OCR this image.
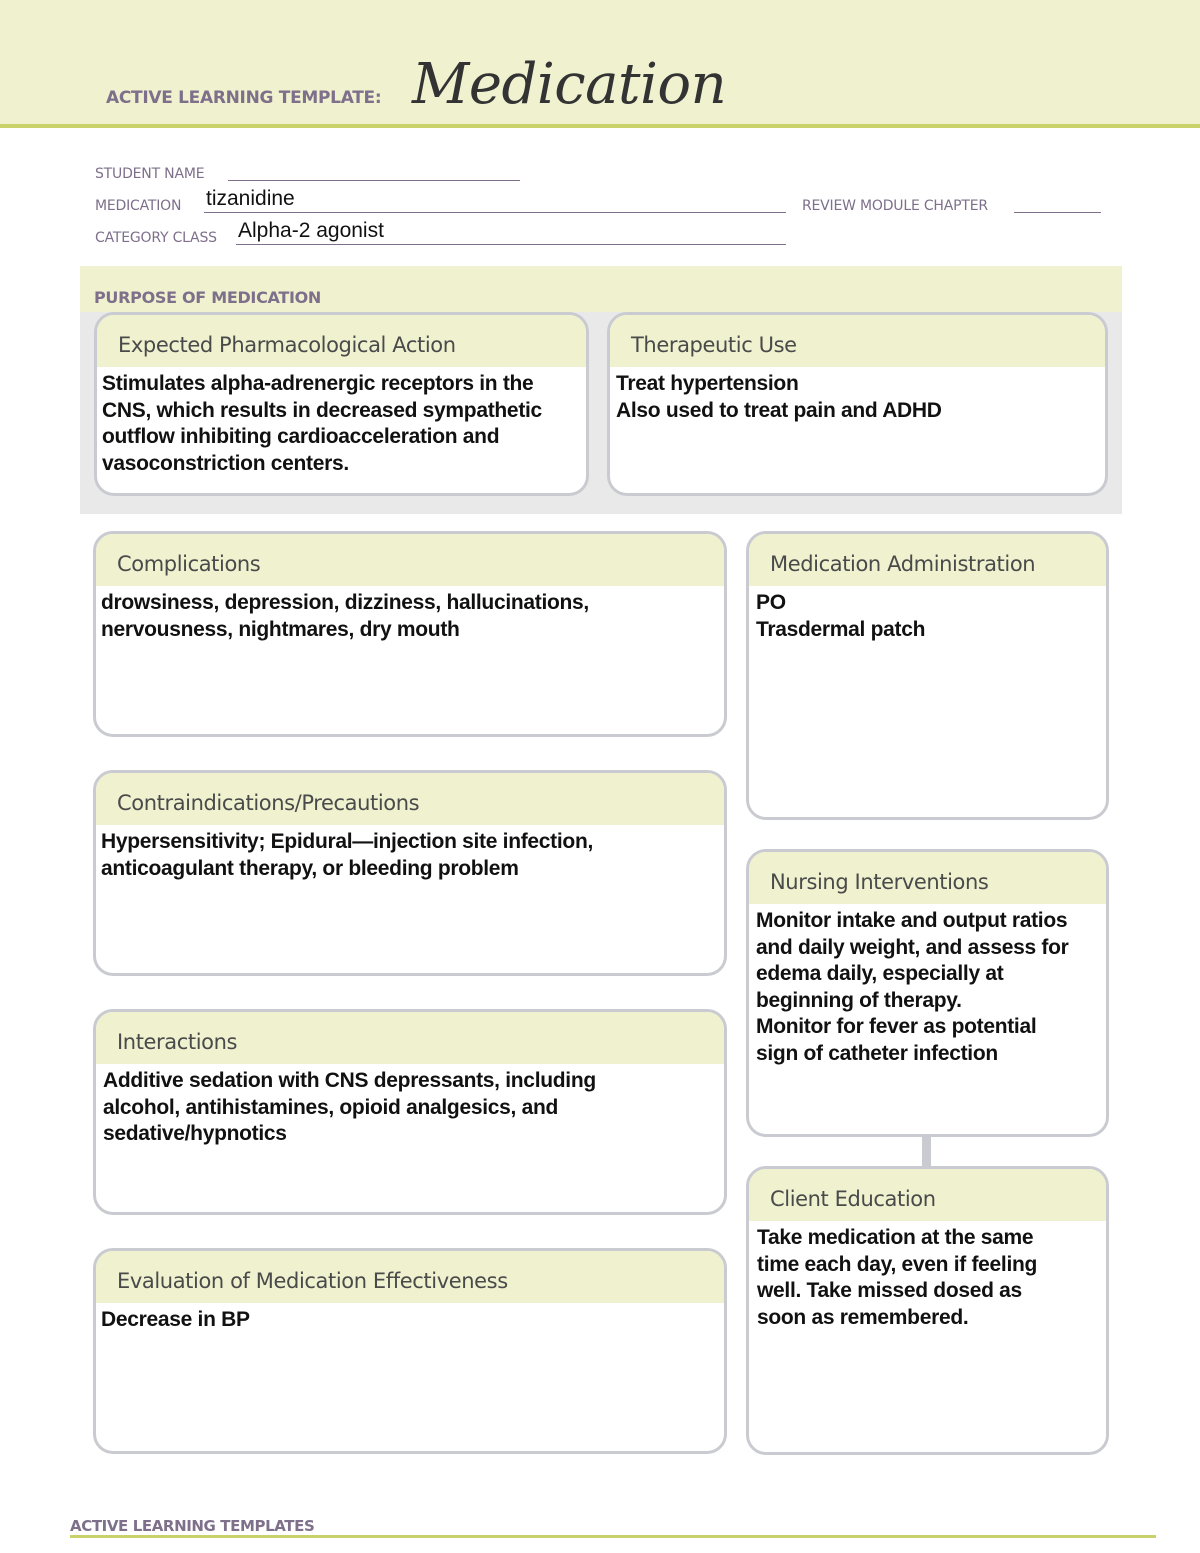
ACTIVE LEARNING TEMPLATE: Medication
STUDENT NAME
MEDICATION tizanidine	REVIEW MODULE CHAPTER
CATEGORY CLASS Alpha-2 agonist
PURPOSE OF MEDICATION
Expected Pharmacological Action
Stimulates alpha-adrenergic receptors in the
CNS, which results in decreased sympathetic
outflow inhibiting cardioacceleration and
vasoconstriction centers.
Therapeutic Use
Treat hypertension
Also used to treat pain and ADHD
Complications
drowsiness, depression, dizziness, hallucinations,
nervousness, nightmares, dry mouth
Contraindications/Precautions
Hypersensitivity; Epidural—injection site infection,
anticoagulant therapy, or bleeding problem
Interactions
Additive sedation with CNS depressants, including
alcohol, antihistamines, opioid analgesics, and
sedative/hypnotics
Evaluation of Medication Effectiveness
Decrease in BP
Medication Administration
PO
Trasdermal patch
Nursing Interventions
Monitor intake and output ratios
and daily weight, and assess for
edema daily, especially at
beginning of therapy.
Monitor for fever as potential
sign of catheter infection
Client Education
Take medication at the same
time each day, even if feeling
well. Take missed dosed as
soon as remembered.
ACTIVE LEARNING TEMPLATES
